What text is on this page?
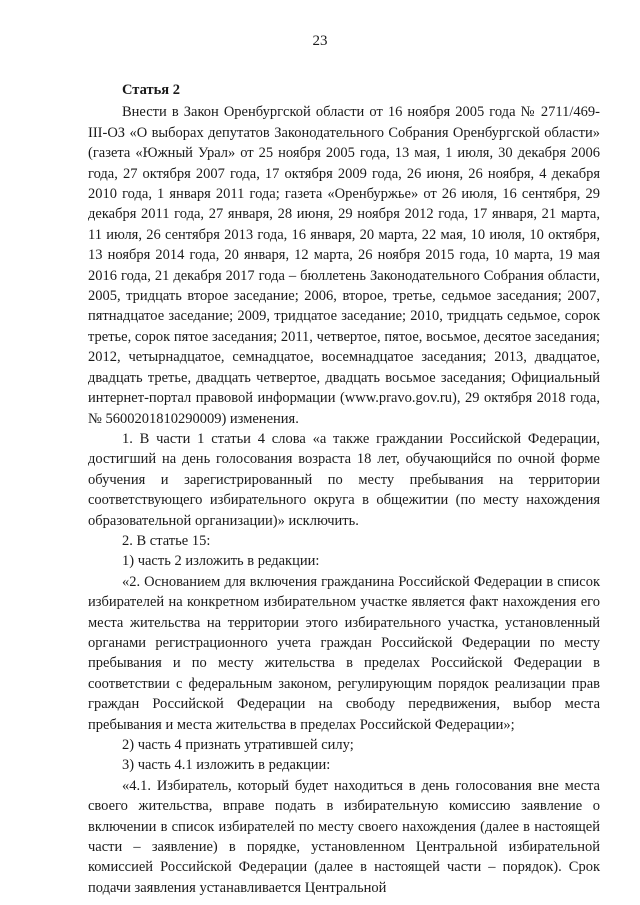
23

Статья 2

Внести в Закон Оренбургской области от 16 ноября 2005 года № 2711/469-III-ОЗ «О выборах депутатов Законодательного Собрания Оренбургской области» (газета «Южный Урал» от 25 ноября 2005 года, 13 мая, 1 июля, 30 декабря 2006 года, 27 октября 2007 года, 17 октября 2009 года, 26 июня, 26 ноября, 4 декабря 2010 года, 1 января 2011 года; газета «Оренбуржье» от 26 июля, 16 сентября, 29 декабря 2011 года, 27 января, 28 июня, 29 ноября 2012 года, 17 января, 21 марта, 11 июля, 26 сентября 2013 года, 16 января, 20 марта, 22 мая, 10 июля, 10 октября, 13 ноября 2014 года, 20 января, 12 марта, 26 ноября 2015 года, 10 марта, 19 мая 2016 года, 21 декабря 2017 года – бюллетень Законодательного Собрания области, 2005, тридцать второе заседание; 2006, второе, третье, седьмое заседания; 2007, пятнадцатое заседание; 2009, тридцатое заседание; 2010, тридцать седьмое, сорок третье, сорок пятое заседания; 2011, четвертое, пятое, восьмое, десятое заседания; 2012, четырнадцатое, семнадцатое, восемнадцатое заседания; 2013, двадцатое, двадцать третье, двадцать четвертое, двадцать восьмое заседания; Официальный интернет-портал правовой информации (www.pravo.gov.ru), 29 октября 2018 года, № 5600201810290009) изменения.

1. В части 1 статьи 4 слова «а также граждании Российской Федерации, достигший на день голосования возраста 18 лет, обучающийся по очной форме обучения и зарегистрированный по месту пребывания на территории соответствующего избирательного округа в общежитии (по месту нахождения образовательной организации)» исключить.

2. В статье 15:

1) часть 2 изложить в редакции:

«2. Основанием для включения гражданина Российской Федерации в список избирателей на конкретном избирательном участке является факт нахождения его места жительства на территории этого избирательного участка, установленный органами регистрационного учета граждан Российской Федерации по месту пребывания и по месту жительства в пределах Российской Федерации в соответствии с федеральным законом, регулирующим порядок реализации прав граждан Российской Федерации на свободу передвижения, выбор места пребывания и места жительства в пределах Российской Федерации»;

2) часть 4 признать утратившей силу;

3) часть 4.1 изложить в редакции:

«4.1. Избиратель, который будет находиться в день голосования вне места своего жительства, вправе подать в избирательную комиссию заявление о включении в список избирателей по месту своего нахождения (далее в настоящей части – заявление) в порядке, установленном Центральной избирательной комиссией Российской Федерации (далее в настоящей части – порядок). Срок подачи заявления устанавливается Центральной
